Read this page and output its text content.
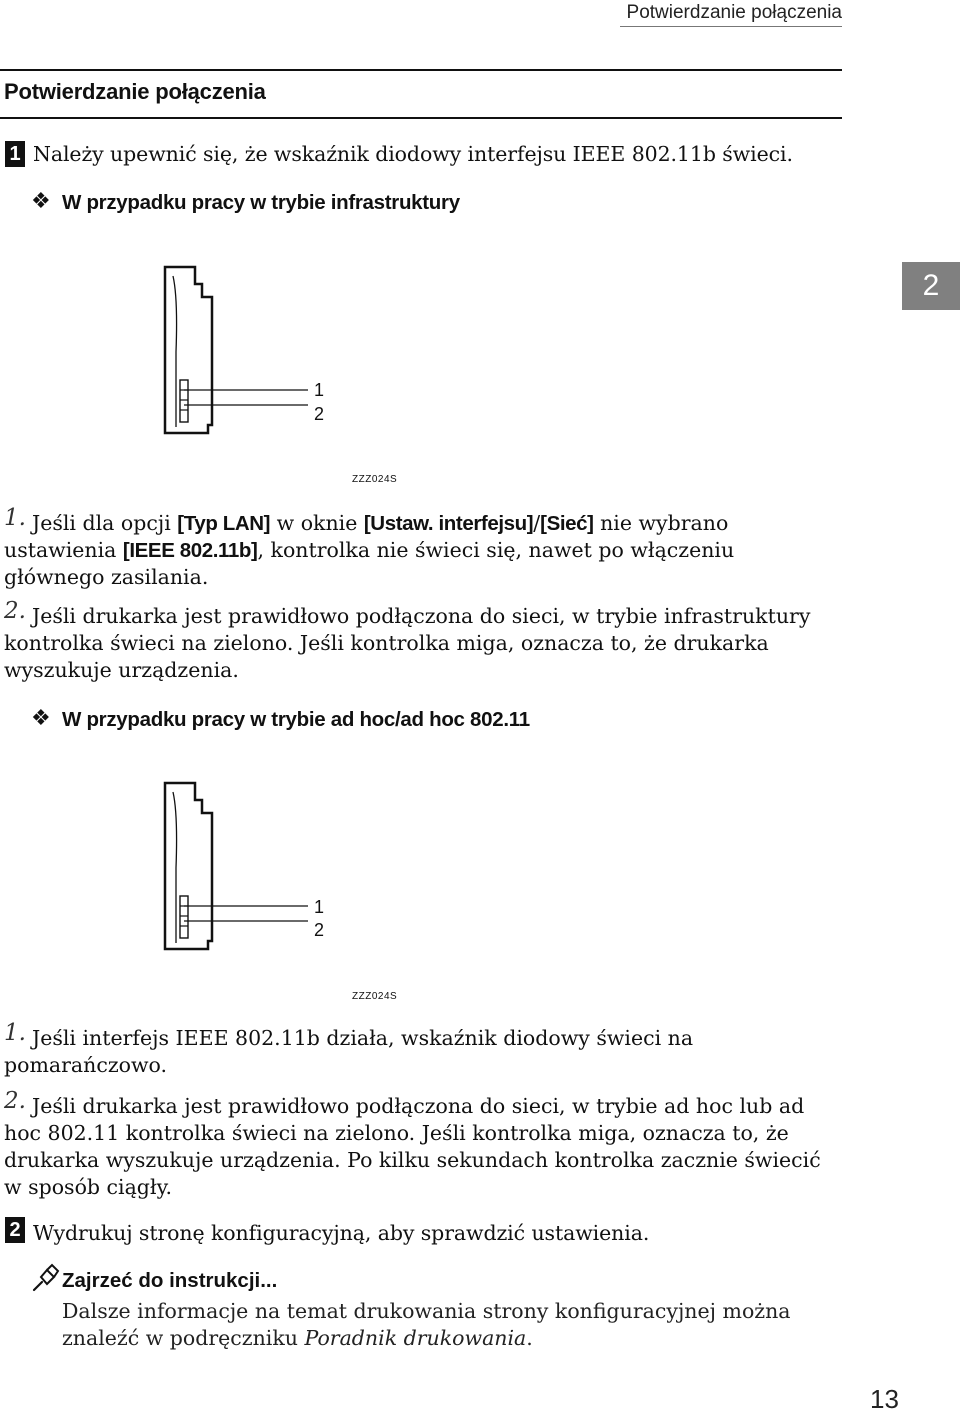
Potwierdzanie połączenia
Potwierdzanie połączenia
2
1 Należy upewnić się, że wskaźnik diodowy interfejsu IEEE 802.11b świeci.
❖ W przypadku pracy w trybie infrastruktury
1
2
ZZZ024S
1. Jeśli dla opcji [Typ LAN] w oknie [Ustaw. interfejsu]/[Sieć] nie wybrano ustawienia [IEEE 802.11b], kontrolka nie świeci się, nawet po włączeniu głównego zasilania.
2. Jeśli drukarka jest prawidłowo podłączona do sieci, w trybie infrastruktury kontrolka świeci na zielono. Jeśli kontrolka miga, oznacza to, że drukarka wyszukuje urządzenia.
❖ W przypadku pracy w trybie ad hoc/ad hoc 802.11
1
2
ZZZ024S
1. Jeśli interfejs IEEE 802.11b działa, wskaźnik diodowy świeci na pomarańczowo.
2. Jeśli drukarka jest prawidłowo podłączona do sieci, w trybie ad hoc lub ad hoc 802.11 kontrolka świeci na zielono. Jeśli kontrolka miga, oznacza to, że drukarka wyszukuje urządzenia. Po kilku sekundach kontrolka zacznie świecić w sposób ciągły.
2 Wydrukuj stronę konfiguracyjną, aby sprawdzić ustawienia.
Zajrzeć do instrukcji...
Dalsze informacje na temat drukowania strony konfiguracyjnej można znaleźć w podręczniku Poradnik drukowania.
13
